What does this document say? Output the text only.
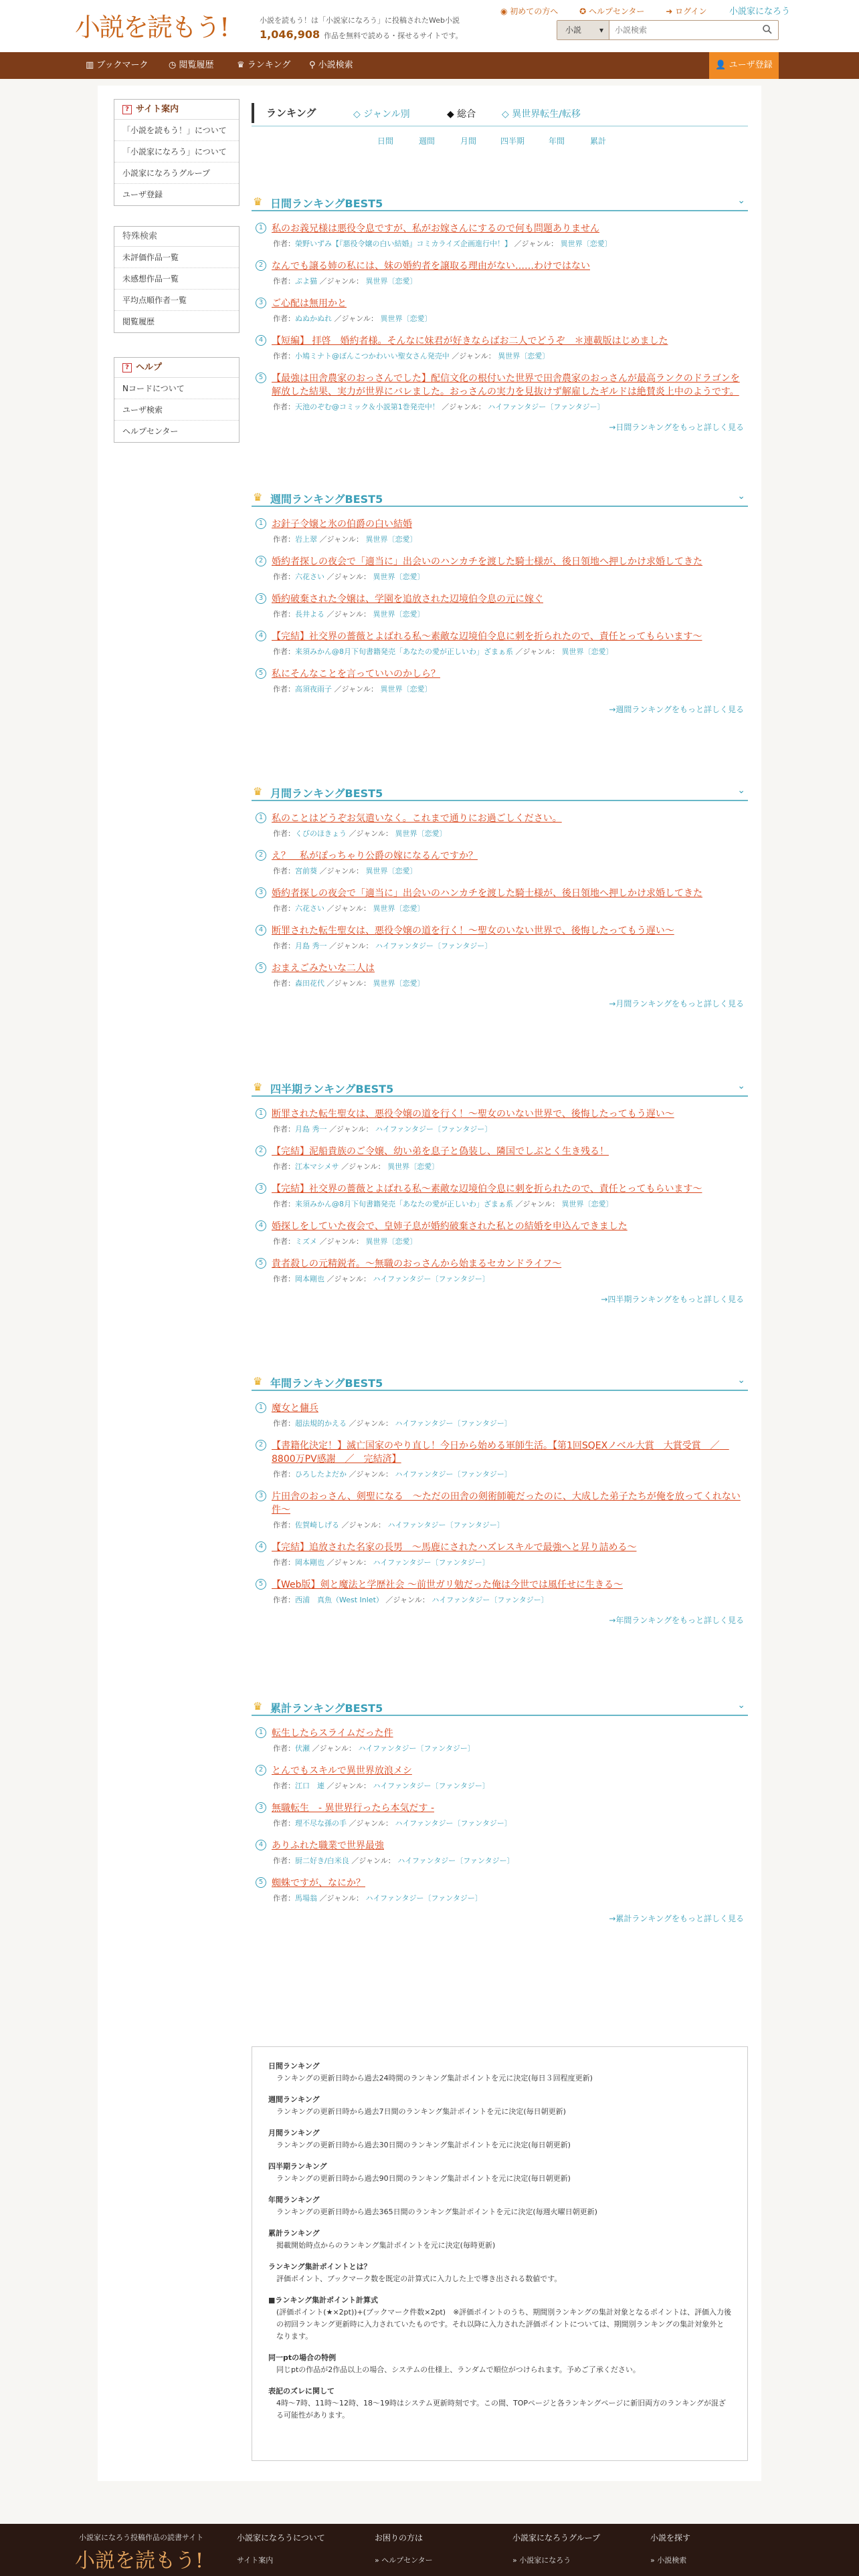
小説を読もう!	小説を読もう！は「小説家になろう」に投稿されたWeb小説
1,046,908 作品を無料で読める・探せるサイトです。
◉ 初めての方へ	✪ ヘルプセンター	➜ ログイン	小説家になろう
小説 ▾
小説検索
▥ ブックマーク ◷ 閲覧履歴	♛ ランキング ⚲ 小説検索	👤 ユーザ登録
? サイト案内
「小説を読もう！」について
「小説家になろう」について
小説家になろうグループ
ユーザ登録
特殊検索
未評価作品一覧
未感想作品一覧
平均点順作者一覧
閲覧履歴
? ヘルプ
Nコードについて
ユーザ検索
ヘルプセンター
ランキング	◇ ジャンル別	◆ 総合	◇ 異世界転生/転移
日間	週間	月間	四半期	年間	累計
♛ 日間ランキングBEST5	⌄
1 私のお義兄様は悪役令息ですが、私がお嫁さんにするので何も問題ありません
作者：榮野いずみ【『悪役令嬢の白い結婚』コミカライズ企画進行中！】 ／ジャンル： 異世界〔恋愛〕
2 なんでも譲る姉の私には、妹の婚約者を譲取る理由がない……わけではない
作者：ぷよ猫 ／ジャンル： 異世界〔恋愛〕
3 ご心配は無用かと
作者：ぬぬかぬれ ／ジャンル： 異世界〔恋愛〕
4 【短編】 拝啓　婚約者様。そんなに妹君が好きならばお二人でどうぞ　＊連載版はじめました
作者：小鳩ミナト@ぼんこつかわいい聖女さん発売中 ／ジャンル： 異世界〔恋愛〕
5 【最強は田舎農家のおっさんでした】配信文化の根付いた世界で田舎農家のおっさんが最高ランクのドラゴンを解放した結果、実力が世界にバレました。おっさんの実力を見抜けず解雇したギルドは絶賛炎上中のようです。
作者：天池のぞむ@コミック＆小説第1巻発売中！ ／ジャンル： ハイファンタジー〔ファンタジー〕
→日間ランキングをもっと詳しく見る
♛ 週間ランキングBEST5	⌄
1 お針子令嬢と氷の伯爵の白い結婚
作者：岩上翠 ／ジャンル： 異世界〔恋愛〕
2 婚約者探しの夜会で「適当に」出会いのハンカチを渡した騎士様が、後日領地へ押しかけ求婚してきた
作者：六花さい ／ジャンル： 異世界〔恋愛〕
3 婚約破棄された令嬢は、学園を追放された辺境伯令息の元に嫁ぐ
作者：長井よる ／ジャンル： 異世界〔恋愛〕
4 【完結】社交界の薔薇とよばれる私～素敵な辺境伯令息に刺を折られたので、責任とってもらいます～
作者：来須みかん@8月下旬書籍発売「あなたの愛が正しいわ」ざまぁ系 ／ジャンル： 異世界〔恋愛〕
5 私にそんなことを言っていいのかしら？
作者：高須夜雨子 ／ジャンル： 異世界〔恋愛〕
→週間ランキングをもっと詳しく見る
♛ 月間ランキングBEST5	⌄
1 私のことはどうぞお気遣いなく。これまで通りにお過ごしください。
作者：くびのほきょう ／ジャンル： 異世界〔恋愛〕
2 え？　私がぽっちゃり公爵の嫁になるんですか？
作者：宮前葵 ／ジャンル： 異世界〔恋愛〕
3 婚約者探しの夜会で「適当に」出会いのハンカチを渡した騎士様が、後日領地へ押しかけ求婚してきた
作者：六花さい ／ジャンル： 異世界〔恋愛〕
4 断罪された転生聖女は、悪役令嬢の道を行く！～聖女のいない世界で、後悔したってもう遅い～
作者：月島 秀一 ／ジャンル： ハイファンタジー〔ファンタジー〕
5 おまえごみたいな二人は
作者：森田花代 ／ジャンル： 異世界〔恋愛〕
→月間ランキングをもっと詳しく見る
♛ 四半期ランキングBEST5	⌄
1 断罪された転生聖女は、悪役令嬢の道を行く！～聖女のいない世界で、後悔したってもう遅い～
作者：月島 秀一 ／ジャンル： ハイファンタジー〔ファンタジー〕
2 【完結】泥船貴族のご令嬢、幼い弟を息子と偽装し、隣国でしぶとく生き残る！
作者：江本マシメサ ／ジャンル： 異世界〔恋愛〕
3 【完結】社交界の薔薇とよばれる私～素敵な辺境伯令息に刺を折られたので、責任とってもらいます～
作者：来須みかん@8月下旬書籍発売「あなたの愛が正しいわ」ざまぁ系 ／ジャンル： 異世界〔恋愛〕
4 婚探しをしていた夜会で、皇姉子息が婚約破棄された私との結婚を申込んできました
作者：ミズメ ／ジャンル： 異世界〔恋愛〕
5 貴者殺しの元精鋭者。～無職のおっさんから始まるセカンドライフ～
作者：岡本剛也 ／ジャンル： ハイファンタジー〔ファンタジー〕
→四半期ランキングをもっと詳しく見る
♛ 年間ランキングBEST5	⌄
1 魔女と傭兵
作者：超法規的かえる ／ジャンル： ハイファンタジー〔ファンタジー〕
2 【書籍化決定！】滅亡国家のやり直し！今日から始める軍師生活。【第1回SQEXノベル大賞　大賞受賞　／　8800万PV感謝　／　完結済】
作者：ひろしたよだか ／ジャンル： ハイファンタジー〔ファンタジー〕
3 片田舎のおっさん、剣聖になる　～ただの田舎の剣術師範だったのに、大成した弟子たちが俺を放ってくれない件～
作者：佐賀崎しげる ／ジャンル： ハイファンタジー〔ファンタジー〕
4 【完結】追放された名家の長男　～馬鹿にされたハズレスキルで最強へと昇り詰める～
作者：岡本剛也 ／ジャンル： ハイファンタジー〔ファンタジー〕
5 【Web版】剣と魔法と学歴社会 ～前世ガリ勉だった俺は今世では風任せに生きる～
作者：西浦　真魚（West Inlet） ／ジャンル： ハイファンタジー〔ファンタジー〕
→年間ランキングをもっと詳しく見る
♛ 累計ランキングBEST5	⌄
1 転生したらスライムだった件
作者：伏瀬 ／ジャンル： ハイファンタジー〔ファンタジー〕
2 とんでもスキルで異世界放浪メシ
作者：江口　連 ／ジャンル： ハイファンタジー〔ファンタジー〕
3 無職転生　- 異世界行ったら本気だす -
作者：理不尽な孫の手 ／ジャンル： ハイファンタジー〔ファンタジー〕
4 ありふれた職業で世界最強
作者：厨二好き/白米良 ／ジャンル： ハイファンタジー〔ファンタジー〕
5 蜘蛛ですが、なにか？
作者：馬場翁 ／ジャンル： ハイファンタジー〔ファンタジー〕
→累計ランキングをもっと詳しく見る
日間ランキング
ランキングの更新日時から過去24時間のランキング集計ポイントを元に決定(毎日３回程度更新)
週間ランキング
ランキングの更新日時から過去7日間のランキング集計ポイントを元に決定(毎日朝更新)
月間ランキング
ランキングの更新日時から過去30日間のランキング集計ポイントを元に決定(毎日朝更新)
四半期ランキング
ランキングの更新日時から過去90日間のランキング集計ポイントを元に決定(毎日朝更新)
年間ランキング
ランキングの更新日時から過去365日間のランキング集計ポイントを元に決定(毎週火曜日朝更新)
累計ランキング
掲載開始時点からのランキング集計ポイントを元に決定(毎時更新)
ランキング集計ポイントとは？
評価ポイント、ブックマーク数を既定の計算式に入力した上で導き出される数値です。
■ランキング集計ポイント計算式
(評価ポイント(★×2pt))+(ブックマーク件数×2pt)　※評価ポイントのうち、期間別ランキングの集計対象となるポイントは、評価入力後の初回ランキング更新時に入力されていたものです。それ以降に入力された評価ポイントについては、期間別ランキングの集計対象外となります。
同一ptの場合の特例
同じptの作品が2作品以上の場合、システムの仕様上、ランダムで順位がつけられます。予めご了承ください。
表記のズレに関して
4時〜7時、11時〜12時、18〜19時はシステム更新時刻です。この間、TOPページと各ランキングページに新旧両方のランキングが混ざる可能性があります。
小説家になろう投稿作品の読書サイト
小説を読もう!
小説家になろうについて
サイト案内
お困りの方は
» ヘルプセンター
小説家になろうグループ
» 小説家になろう
小説を探す
» 小説検索
